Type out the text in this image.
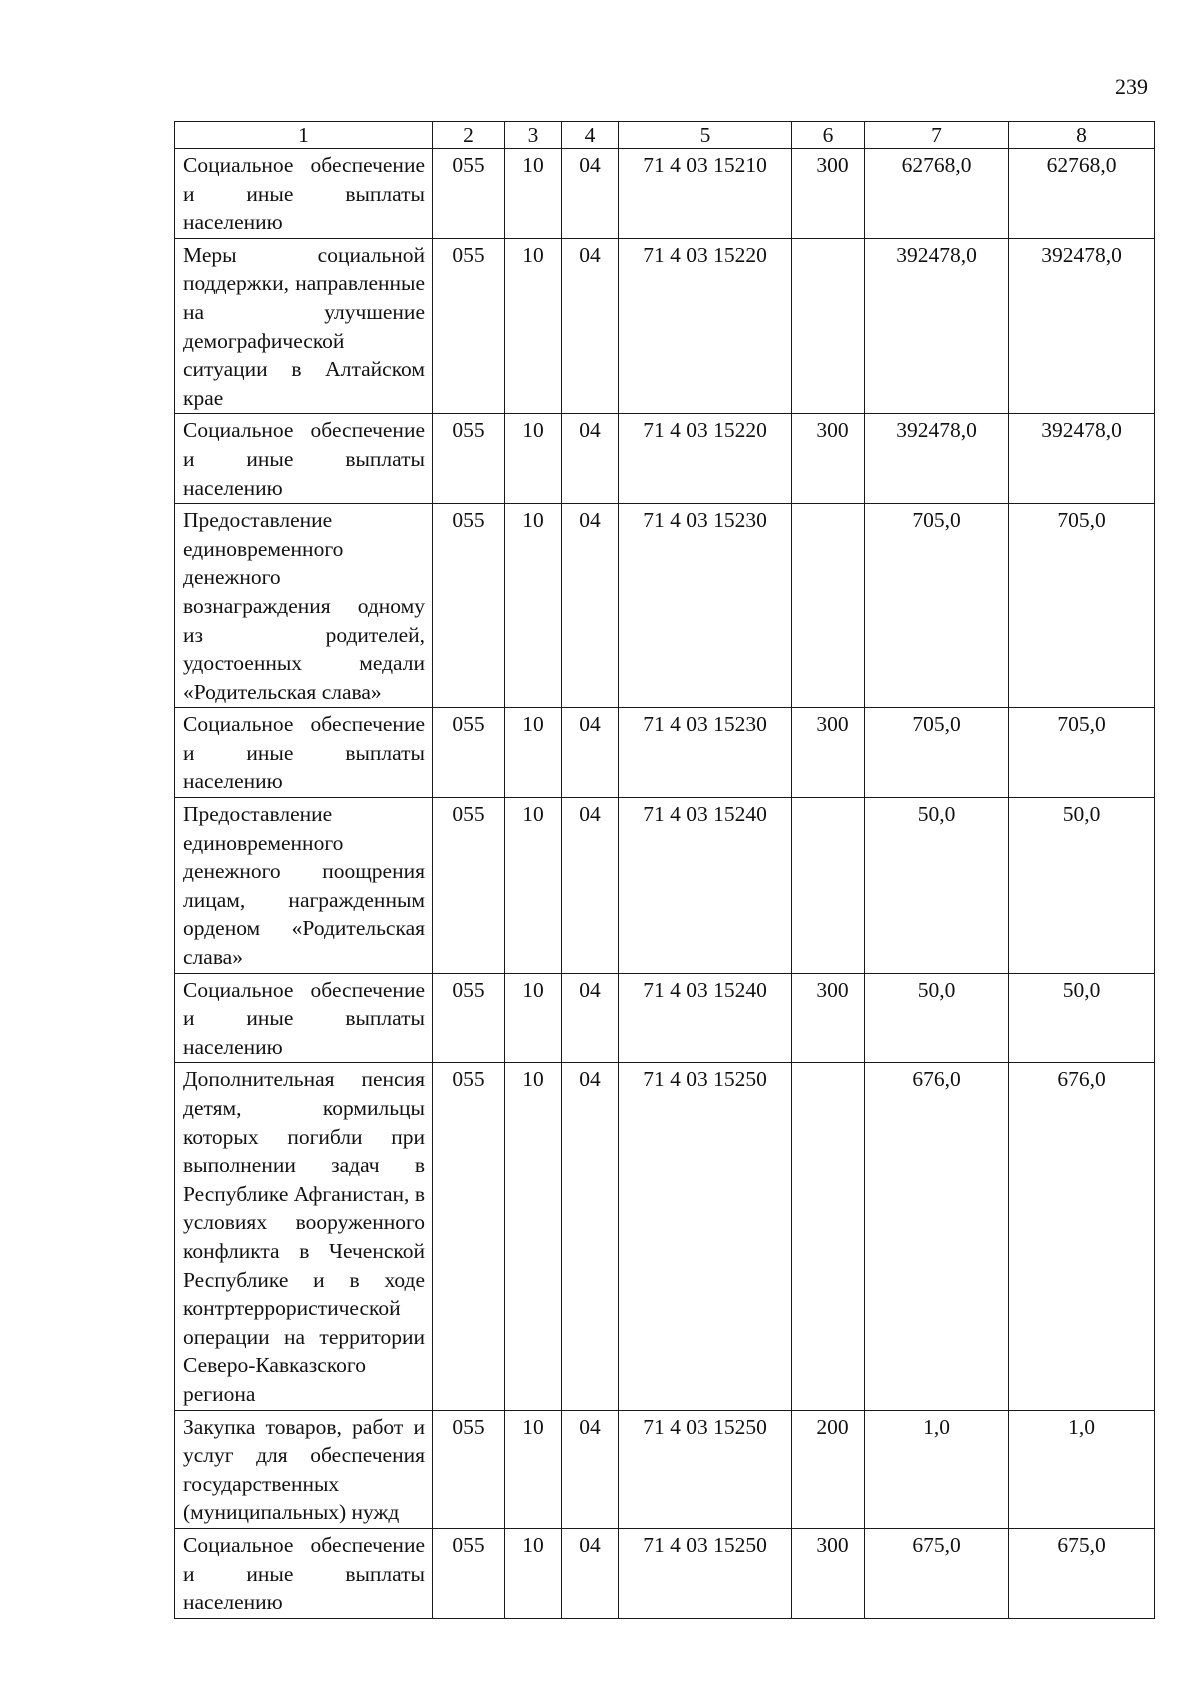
239
1	2	3	4	5	6	7	8
Социальное обеспечение и иные выплаты населению	055	10	04	71 4 03 15210	300	62768,0	62768,0
Меры социальной поддержки, направленные на улучшение демографической ситуации в Алтайском крае	055	10	04	71 4 03 15220		392478,0	392478,0
Социальное обеспечение и иные выплаты населению	055	10	04	71 4 03 15220	300	392478,0	392478,0
Предоставление единовременного денежного вознаграждения одному из родителей, удостоенных медали «Родительская слава»	055	10	04	71 4 03 15230		705,0	705,0
Социальное обеспечение и иные выплаты населению	055	10	04	71 4 03 15230	300	705,0	705,0
Предоставление единовременного денежного поощрения лицам, награжденным орденом «Родительская слава»	055	10	04	71 4 03 15240		50,0	50,0
Социальное обеспечение и иные выплаты населению	055	10	04	71 4 03 15240	300	50,0	50,0
Дополнительная пенсия детям, кормильцы которых погибли при выполнении задач в Республике Афганистан, в условиях вооруженного конфликта в Чеченской Республике и в ходе контртеррористической операции на территории Северо-Кавказского региона	055	10	04	71 4 03 15250		676,0	676,0
Закупка товаров, работ и услуг для обеспечения государственных (муниципальных) нужд	055	10	04	71 4 03 15250	200	1,0	1,0
Социальное обеспечение и иные выплаты населению	055	10	04	71 4 03 15250	300	675,0	675,0
